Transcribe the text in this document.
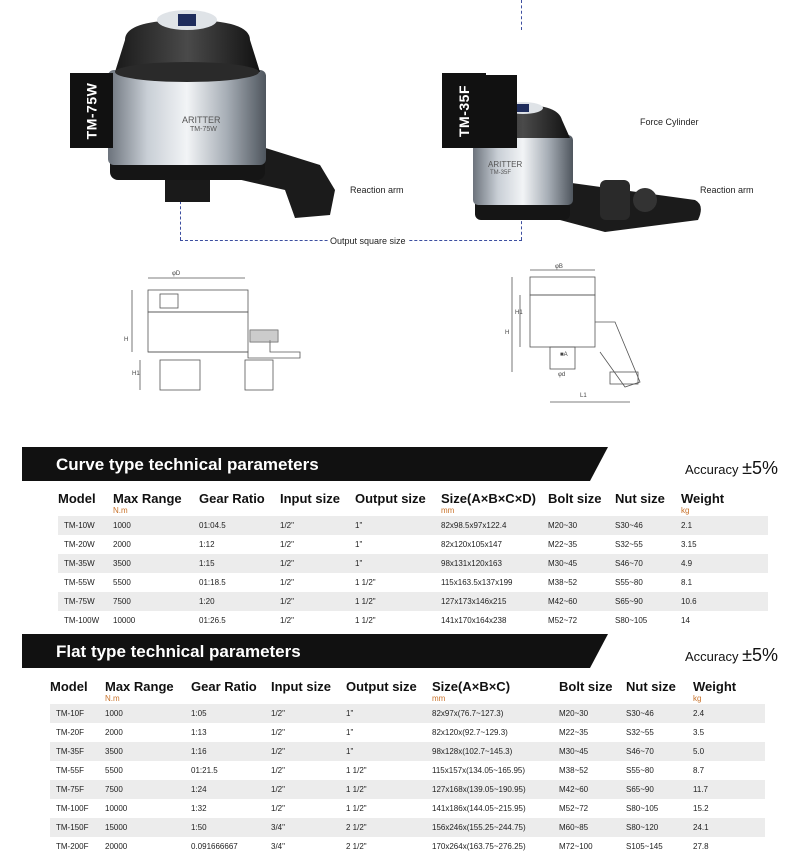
ARITTER
TM-75W
TM-75W	TM-35F
ARITTER
TM-35F
Reaction arm	Reaction arm
Force Cylinder
Output square size
φD
H
H1
φB
H
H1
■A
φd
L1
Curve type technical parameters	Accuracy ±5%
Model	Max Range	Gear Ratio	Input size	Output size	Size(A×B×C×D)	Bolt size	Nut size	Weight
	N.m				mm			kg
TM-10W	1000	01:04.5	1/2"	1"	82x98.5x97x122.4	M20~30	S30~46	2.1
TM-20W	2000	1:12	1/2"	1"	82x120x105x147	M22~35	S32~55	3.15
TM-35W	3500	1:15	1/2"	1"	98x131x120x163	M30~45	S46~70	4.9
TM-55W	5500	01:18.5	1/2"	1 1/2"	115x163.5x137x199	M38~52	S55~80	8.1
TM-75W	7500	1:20	1/2"	1 1/2"	127x173x146x215	M42~60	S65~90	10.6
TM-100W	10000	01:26.5	1/2"	1 1/2"	141x170x164x238	M52~72	S80~105	14
Flat type technical parameters	Accuracy ±5%
Model	Max Range	Gear Ratio	Input size	Output size	Size(A×B×C)	Bolt size	Nut size	Weight
	N.m				mm			kg
TM-10F	1000	1:05	1/2"	1"	82x97x(76.7~127.3)	M20~30	S30~46	2.4
TM-20F	2000	1:13	1/2"	1"	82x120x(92.7~129.3)	M22~35	S32~55	3.5
TM-35F	3500	1:16	1/2"	1"	98x128x(102.7~145.3)	M30~45	S46~70	5.0
TM-55F	5500	01:21.5	1/2"	1 1/2"	115x157x(134.05~165.95)	M38~52	S55~80	8.7
TM-75F	7500	1:24	1/2"	1 1/2"	127x168x(139.05~190.95)	M42~60	S65~90	11.7
TM-100F	10000	1:32	1/2"	1 1/2"	141x186x(144.05~215.95)	M52~72	S80~105	15.2
TM-150F	15000	1:50	3/4"	2 1/2"	156x246x(155.25~244.75)	M60~85	S80~120	24.1
TM-200F	20000	0.091666667	3/4"	2 1/2"	170x264x(163.75~276.25)	M72~100	S105~145	27.8
